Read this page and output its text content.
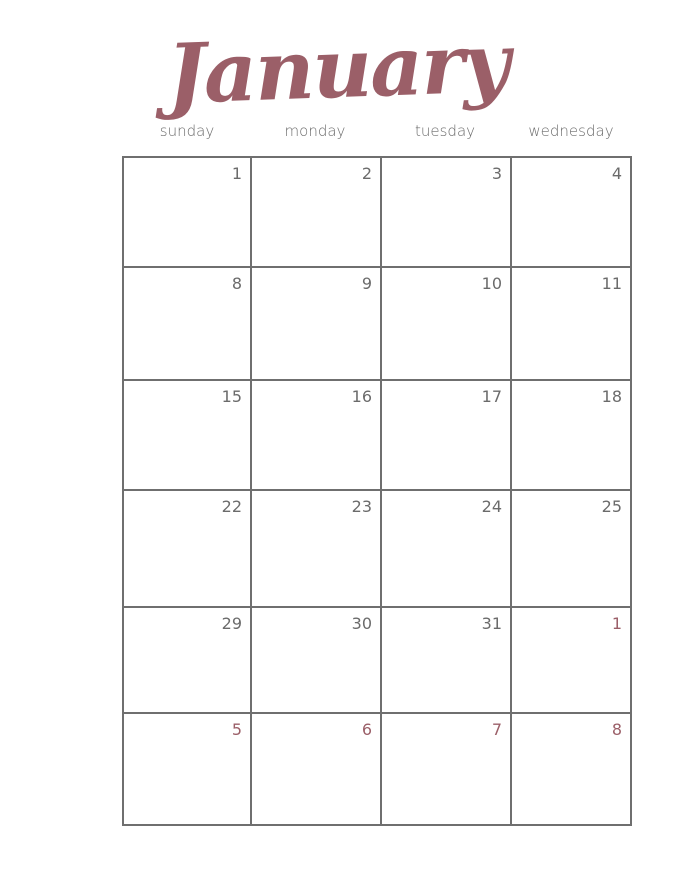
January
sunday	monday	tuesday	wednesday
1	2	3	4
8	9	10	11
15	16	17	18
22	23	24	25
29	30	31	1
5	6	7	8
